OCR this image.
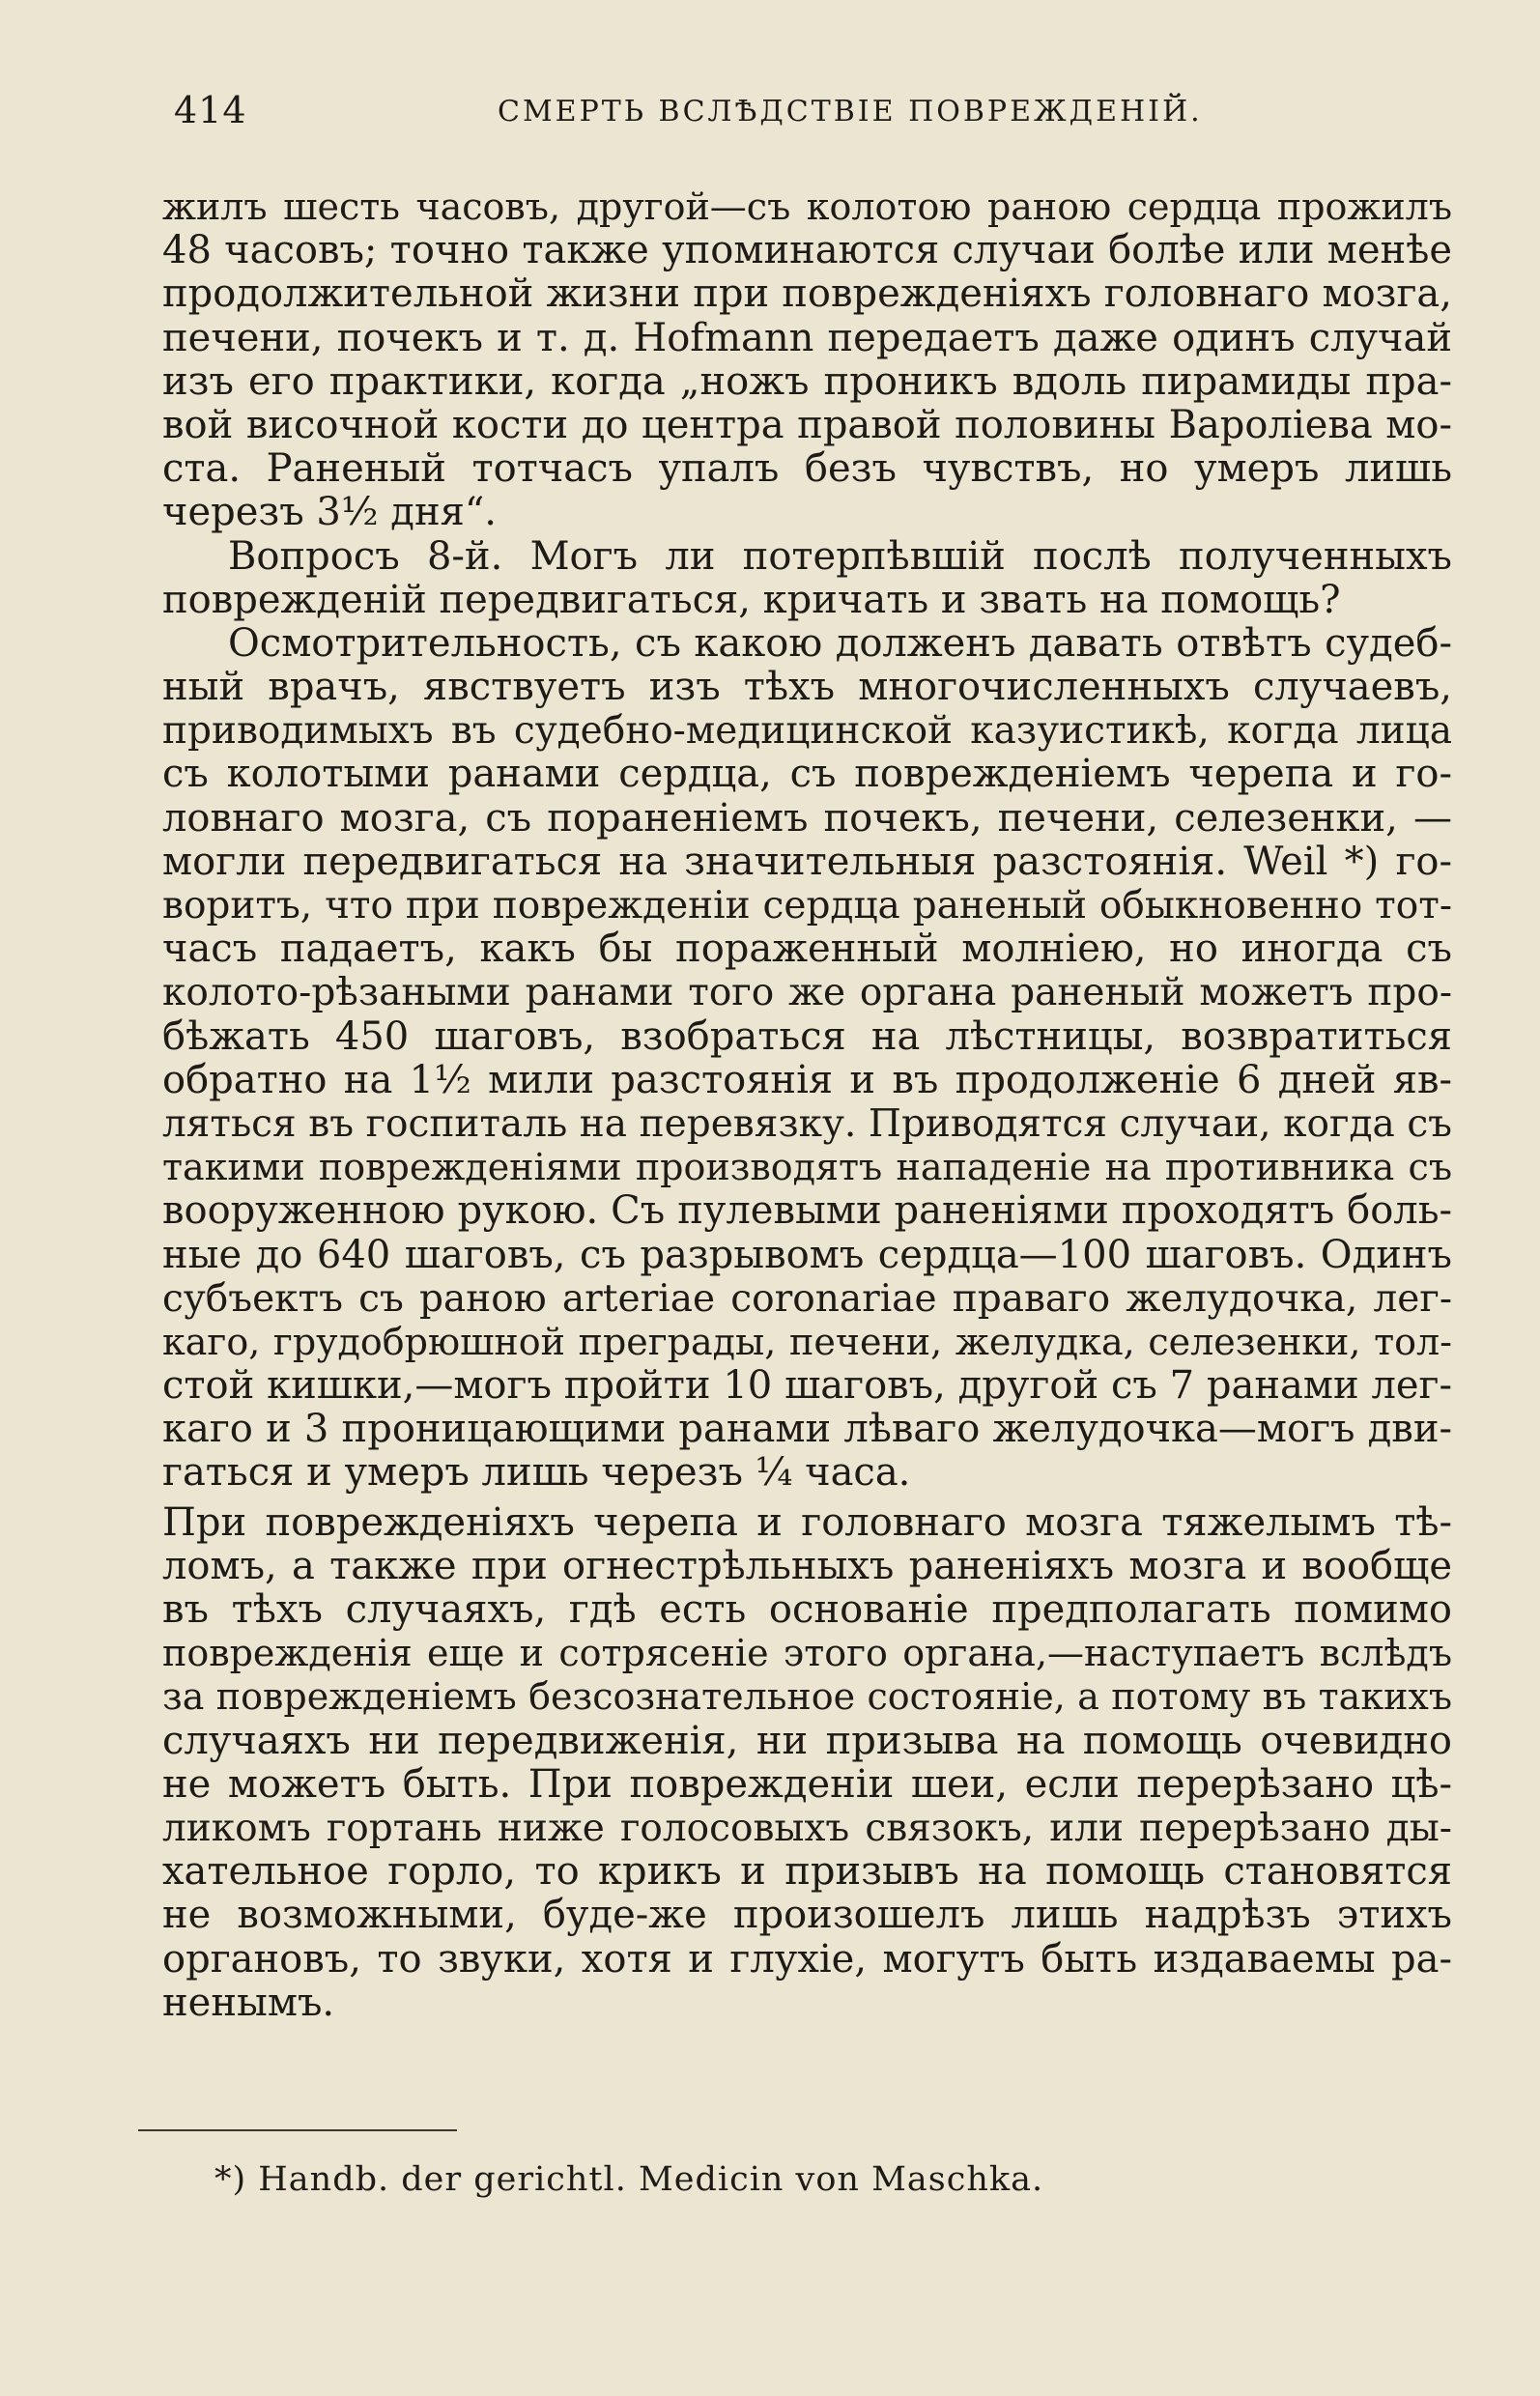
414	СМЕРТЬ ВСЛѢДСТВІЕ ПОВРЕЖДЕНІЙ.
жилъ шесть часовъ, другой—съ колотою раною сердца прожилъ
48 часовъ; точно также упоминаются случаи болѣе или менѣе
продолжительной жизни при поврежденіяхъ головнаго мозга,
печени, почекъ и т. д. Hofmann передаетъ даже одинъ случай
изъ его практики, когда „ножъ проникъ вдоль пирамиды пра-
вой височной кости до центра правой половины Вароліева мо-
ста. Раненый тотчасъ упалъ безъ чувствъ, но умеръ лишь
черезъ 3½ дня“.
Вопросъ 8-й. Могъ ли потерпѣвшій послѣ полученныхъ
поврежденій передвигаться, кричать и звать на помощь?
Осмотрительность, съ какою долженъ давать отвѣтъ судеб-
ный врачъ, явствуетъ изъ тѣхъ многочисленныхъ случаевъ,
приводимыхъ въ судебно-медицинской казуистикѣ, когда лица
съ колотыми ранами сердца, съ поврежденіемъ черепа и го-
ловнаго мозга, съ пораненіемъ почекъ, печени, селезенки, —
могли передвигаться на значительныя разстоянія. Weil *) го-
воритъ, что при повреждeніи сердца раненый обыкновенно тот-
часъ падаетъ, какъ бы пораженный молніею, но иногда съ
колото-рѣзаными ранами того же органа раненый можетъ про-
бѣжать 450 шаговъ, взобраться на лѣстницы, возвратиться
обратно на 1½ мили разстоянія и въ продолженіе 6 дней яв-
ляться въ госпиталь на перевязку. Приводятся случаи, когда съ
такими поврежденіями производятъ нападеніе на противника съ
вооруженною рукою. Съ пулевыми раненіями проходятъ боль-
ные до 640 шаговъ, съ разрывомъ сердца—100 шаговъ. Одинъ
субъектъ съ раною arteriae coronariae праваго желудочка, лег-
каго, грудобрюшной преграды, печени, желудка, селезенки, тол-
стой кишки,—могъ пройти 10 шаговъ, другой съ 7 ранами лег-
каго и 3 проницающими ранами лѣваго желудочка—могъ дви-
гаться и умеръ лишь черезъ ¼ часа.
При поврежденіяхъ черепа и головнаго мозга тяжелымъ тѣ-
ломъ, а также при огнестрѣльныхъ раненіяхъ мозга и вообще
въ тѣхъ случаяхъ, гдѣ есть основаніе предполагать помимо
поврежденія еще и сотрясеніе этого органа,—наступаетъ вслѣдъ
за поврежденіемъ безсознательное состояніе, а потому въ такихъ
случаяхъ ни передвиженія, ни призыва на помощь очевидно
не можетъ быть. При поврежденіи шеи, если перерѣзано цѣ-
ликомъ гортань ниже голосовыхъ связокъ, или перерѣзано ды-
хательное горло, то крикъ и призывъ на помощь становятся
не возможными, буде-же произошелъ лишь надрѣзъ этихъ
органовъ, то звуки, хотя и глухіе, могутъ быть издаваемы ра-
ненымъ.
*) Handb. der gerichtl. Medicin von Maschka.
